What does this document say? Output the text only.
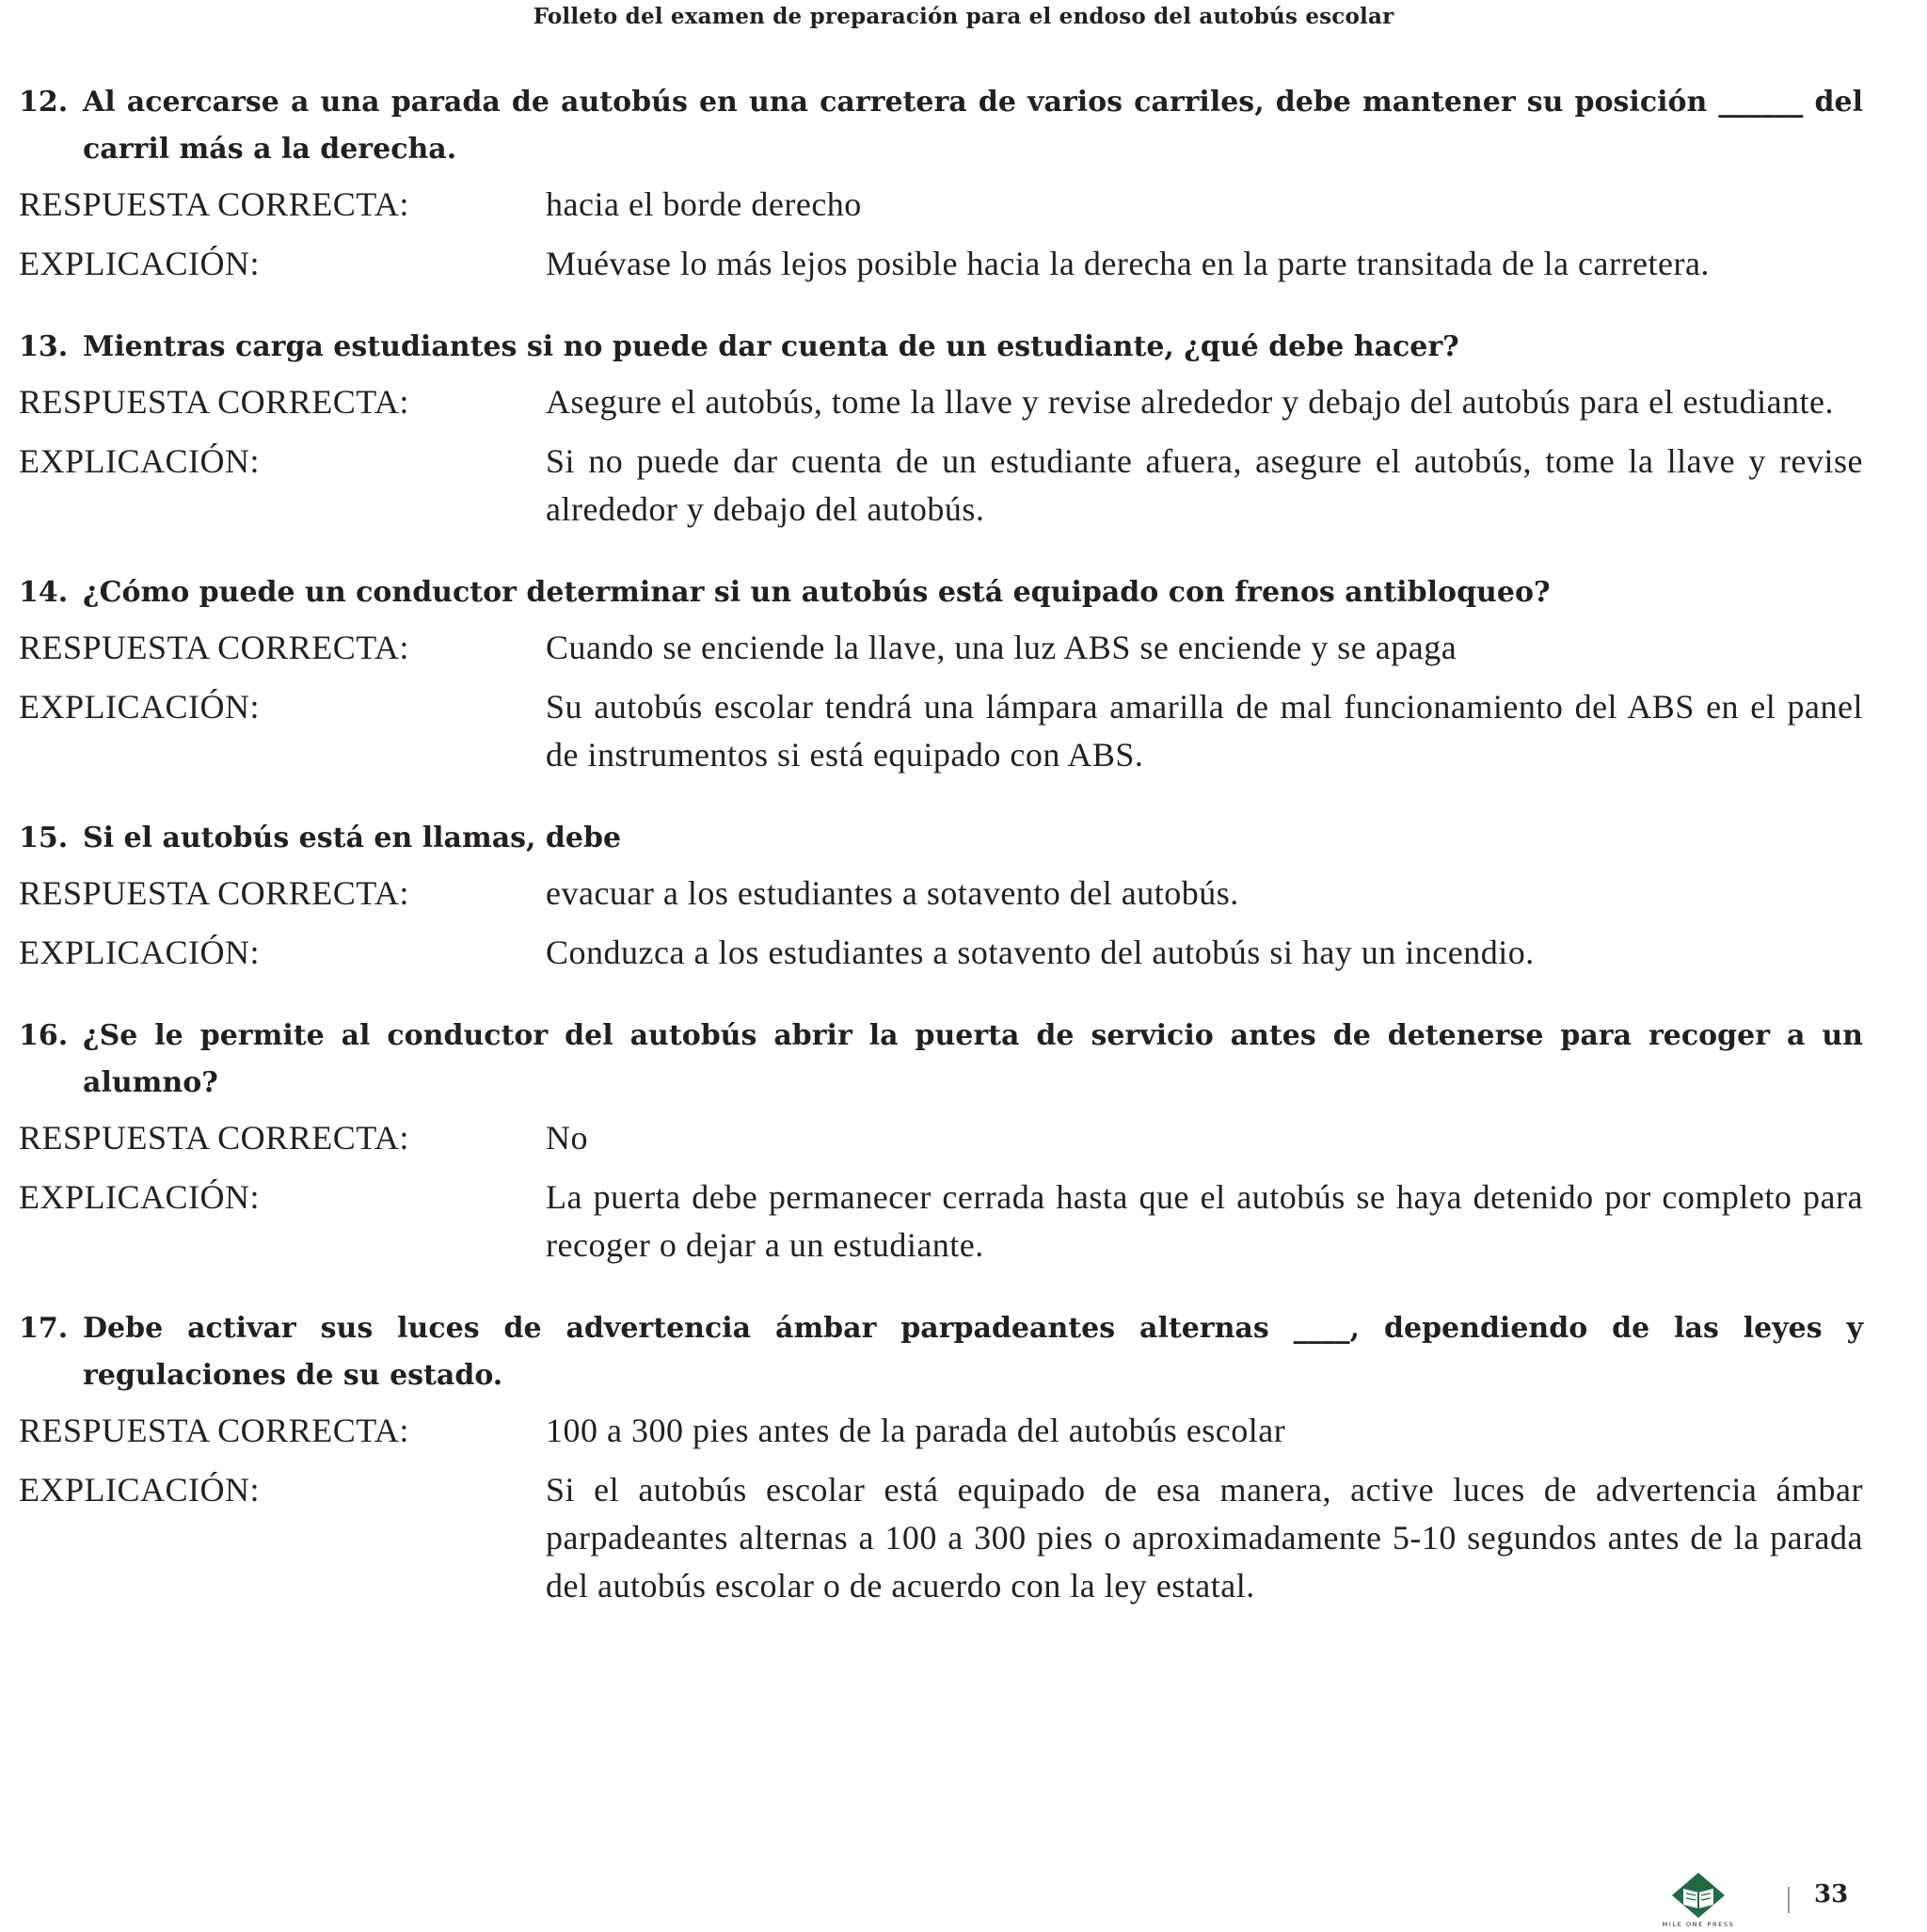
Folleto del examen de preparación para el endoso del autobús escolar
12. Al acercarse a una parada de autobús en una carretera de varios carriles, debe mantener su posición ______ del carril más a la derecha.
RESPUESTA CORRECTA:	hacia el borde derecho
EXPLICACIÓN:	Muévase lo más lejos posible hacia la derecha en la parte transitada de la carretera.
13. Mientras carga estudiantes si no puede dar cuenta de un estudiante, ¿qué debe hacer?
RESPUESTA CORRECTA:	Asegure el autobús, tome la llave y revise alrededor y debajo del autobús para el estudiante.
EXPLICACIÓN:	Si no puede dar cuenta de un estudiante afuera, asegure el autobús, tome la llave y revise alrededor y debajo del autobús.
14. ¿Cómo puede un conductor determinar si un autobús está equipado con frenos antibloqueo?
RESPUESTA CORRECTA:	Cuando se enciende la llave, una luz ABS se enciende y se apaga
EXPLICACIÓN:	Su autobús escolar tendrá una lámpara amarilla de mal funcionamiento del ABS en el panel de instrumentos si está equipado con ABS.
15. Si el autobús está en llamas, debe
RESPUESTA CORRECTA:	evacuar a los estudiantes a sotavento del autobús.
EXPLICACIÓN:	Conduzca a los estudiantes a sotavento del autobús si hay un incendio.
16. ¿Se le permite al conductor del autobús abrir la puerta de servicio antes de detenerse para recoger a un alumno?
RESPUESTA CORRECTA:	No
EXPLICACIÓN:	La puerta debe permanecer cerrada hasta que el autobús se haya detenido por completo para recoger o dejar a un estudiante.
17. Debe activar sus luces de advertencia ámbar parpadeantes alternas ____, dependiendo de las leyes y regulaciones de su estado.
RESPUESTA CORRECTA:	100 a 300 pies antes de la parada del autobús escolar
EXPLICACIÓN:	Si el autobús escolar está equipado de esa manera, active luces de advertencia ámbar parpadeantes alternas a 100 a 300 pies o aproximadamente 5-10 segundos antes de la parada del autobús escolar o de acuerdo con la ley estatal.
MILE ONE PRESS
33
